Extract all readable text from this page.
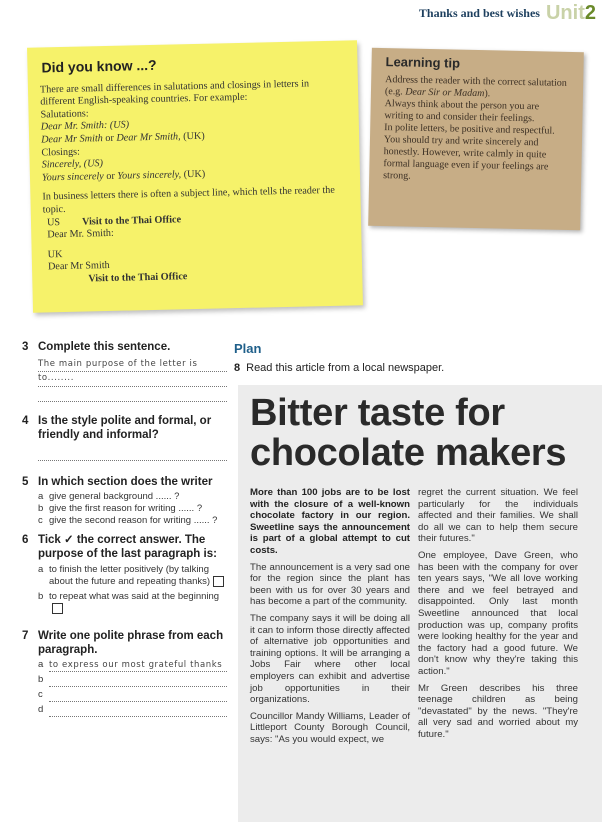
Thanks and best wishes Unit2
Did you know ...?

There are small differences in salutations and closings in letters in different English-speaking countries. For example:

Salutations:

Dear Mr. Smith: (US)

Dear Mr Smith or Dear Mr Smith, (UK)

Closings:

Sincerely, (US)

Yours sincerely or Yours sincerely, (UK)

In business letters there is often a subject line, which tells the reader the topic.

US Visit to the Thai Office

Dear Mr. Smith:

UK

Dear Mr Smith

Visit to the Thai Office

Learning tip

Address the reader with the correct salutation (e.g. Dear Sir or Madam).

Always think about the person you are writing to and consider their feelings.

In polite letters, be positive and respectful.

You should try and write sincerely and honestly. However, write calmly in quite formal language even if your feelings are strong.

3 Complete this sentence.

The main purpose of the letter is to........

4 Is the style polite and formal, or friendly and informal?

5 In which section does the writer

a give general background ...... ?
b give the first reason for writing ...... ?
c give the second reason for writing ...... ?

6 Tick ✓ the correct answer. The purpose of the last paragraph is:

a to finish the letter positively (by talking about the future and repeating thanks)
b to repeat what was said at the beginning

7 Write one polite phrase from each paragraph.

a to express our most grateful thanks
b
c
d
Plan
8 Read this article from a local newspaper.
Bitter taste for
chocolate makers

More than 100 jobs are to be lost with the closure of a well-known chocolate factory in our region. Sweetline says the announcement is part of a global attempt to cut costs.

The announcement is a very sad one for the region since the plant has been with us for over 30 years and has become a part of the community.

The company says it will be doing all it can to inform those directly affected of alternative job opportunities and training options. It will be arranging a Jobs Fair where other local employers can exhibit and advertise job opportunities in their organizations.

Councillor Mandy Williams, Leader of Littleport County Borough Council, says: "As you would expect, we

regret the current situation. We feel particularly for the individuals affected and their families. We shall do all we can to help them secure their futures."

One employee, Dave Green, who has been with the company for over ten years says, "We all love working there and we feel betrayed and disappointed. Only last month Sweetline announced that local production was up, company profits were looking healthy for the year and the factory had a good future. We don't know why they're taking this action."

Mr Green describes his three teenage children as being "devastated" by the news. "They're all very sad and worried about my future."
